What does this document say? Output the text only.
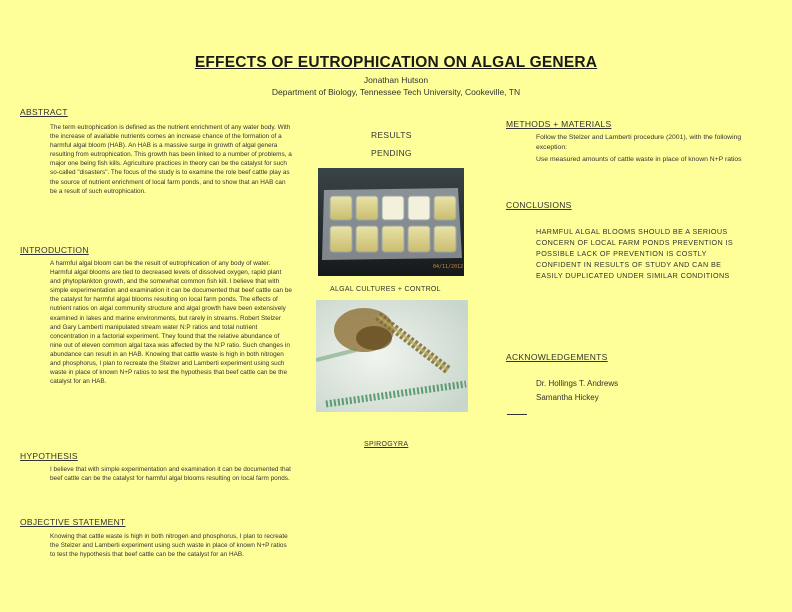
EFFECTS OF EUTROPHICATION ON ALGAL GENERA
Jonathan Hutson
Department of Biology, Tennessee Tech University, Cookeville, TN
ABSTRACT
The term eutrophication is defined as the nutrient enrichment of any water body. With the increase of available nutrients comes an increase chance of the formation of a harmful algal bloom (HAB). An HAB is a massive surge in growth of algal genera resulting from eutrophication. This growth has been linked to a number of problems, a major one being fish kills. Agriculture practices in theory can be the catalyst for such so-called "disasters". The focus of the study is to examine the role beef cattle play as the source of nutrient enrichment of local farm ponds, and to show that an HAB can be a result of such eutrophication.
INTRODUCTION
A harmful algal bloom can be the result of eutrophication of any body of water. Harmful algal blooms are tied to decreased levels of dissolved oxygen, rapid plant and phytoplankton growth, and the somewhat common fish kill. I believe that with simple experimentation and examination it can be documented that beef cattle can be the catalyst for harmful algal blooms resulting on local farm ponds. The effects of nutrient ratios on algal community structure and algal growth have been extensively examined in lakes and marine environments, but rarely in streams. Robert Stelzer and Gary Lamberti manipulated stream water N:P ratios and total nutrient concentration in a factorial experiment. They found that the relative abundance of nine out of eleven common algal taxa was affected by the N:P ratio. Such changes in abundance can result in an HAB. Knowing that cattle waste is high in both nitrogen and phosphorus, I plan to recreate the Stelzer and Lamberti experiment using such waste in place of known N+P ratios to test the hypothesis that beef cattle can be the catalyst for an HAB.
HYPOTHESIS
I believe that with simple experimentation and examination it can be documented that beef cattle can be the catalyst for harmful algal blooms resulting on local farm ponds.
OBJECTIVE STATEMENT
Knowing that cattle waste is high in both nitrogen and phosphorus, I plan to recreate the Stelzer and Lamberti experiment using such waste in place of known N+P ratios to test the hypothesis that beef cattle can be the catalyst for an HAB.
RESULTS
PENDING
04/11/2012
ALGAL CULTURES + CONTROL
SPIROGYRA
METHODS + MATERIALS
Follow the Stelzer and Lamberti procedure (2001), with the following exception:
Use measured amounts of cattle waste in place of known N+P ratios
CONCLUSIONS
HARMFUL ALGAL BLOOMS SHOULD BE A SERIOUS CONCERN OF LOCAL FARM PONDS PREVENTION IS POSSIBLE LACK OF PREVENTION IS COSTLY CONFIDENT IN RESULTS OF STUDY AND CAN BE EASILY DUPLICATED UNDER SIMILAR CONDITIONS
ACKNOWLEDGEMENTS
Dr. Hollings T. Andrews
Samantha Hickey
